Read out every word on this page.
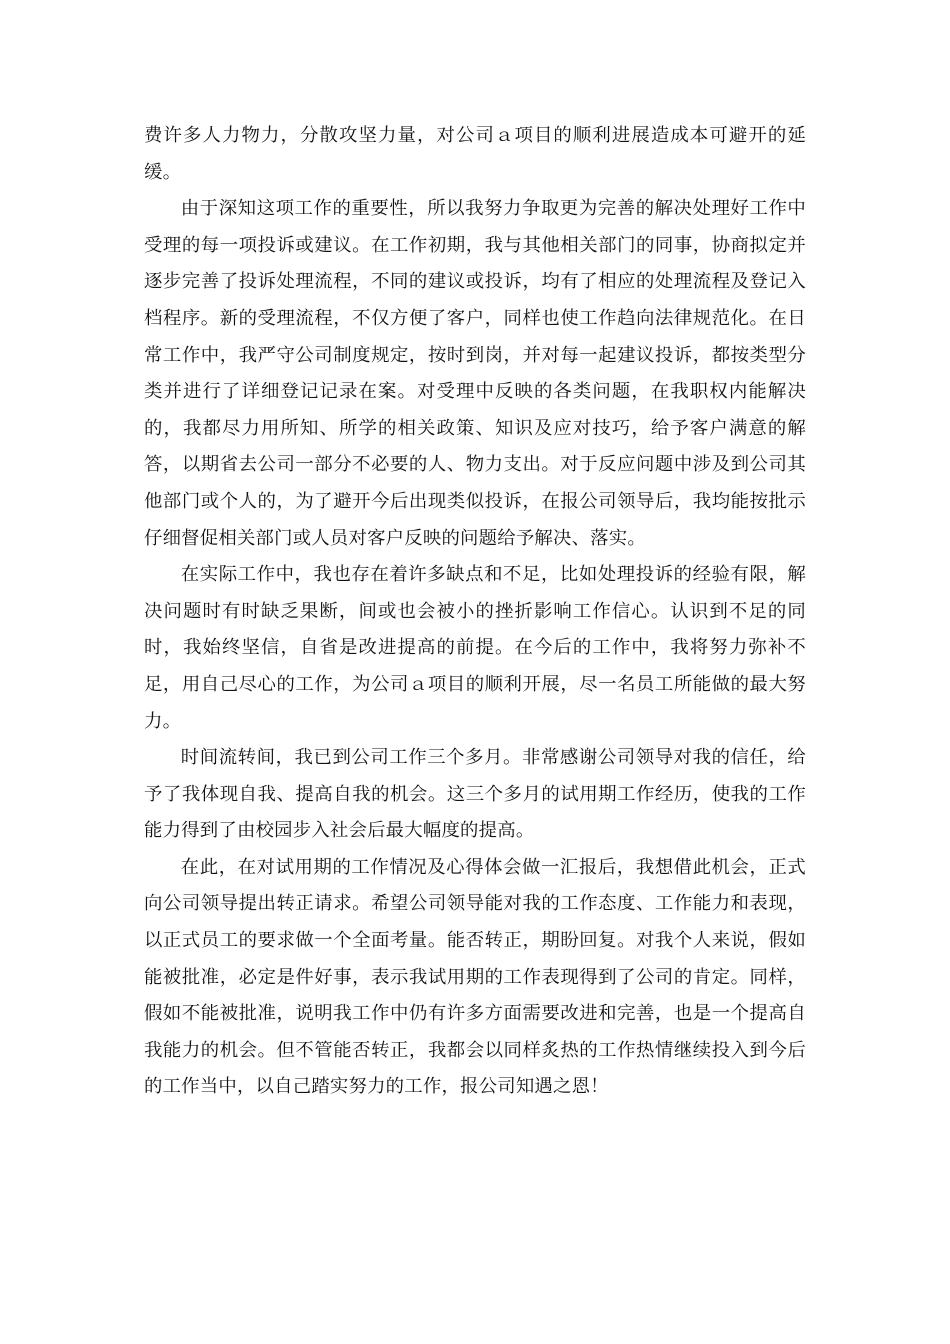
费许多人力物力，分散攻坚力量，对公司ａ项目的顺利进展造成本可避开的延缓。

由于深知这项工作的重要性，所以我努力争取更为完善的解决处理好工作中受理的每一项投诉或建议。在工作初期，我与其他相关部门的同事，协商拟定并逐步完善了投诉处理流程，不同的建议或投诉，均有了相应的处理流程及登记入档程序。新的受理流程，不仅方便了客户，同样也使工作趋向法律规范化。在日常工作中，我严守公司制度规定，按时到岗，并对每一起建议投诉，都按类型分类并进行了详细登记记录在案。对受理中反映的各类问题，在我职权内能解决的，我都尽力用所知、所学的相关政策、知识及应对技巧，给予客户满意的解答，以期省去公司一部分不必要的人、物力支出。对于反应问题中涉及到公司其他部门或个人的，为了避开今后出现类似投诉，在报公司领导后，我均能按批示仔细督促相关部门或人员对客户反映的问题给予解决、落实。

在实际工作中，我也存在着许多缺点和不足，比如处理投诉的经验有限，解决问题时有时缺乏果断，间或也会被小的挫折影响工作信心。认识到不足的同时，我始终坚信，自省是改进提高的前提。在今后的工作中，我将努力弥补不足，用自己尽心的工作，为公司ａ项目的顺利开展，尽一名员工所能做的最大努力。

时间流转间，我已到公司工作三个多月。非常感谢公司领导对我的信任，给予了我体现自我、提高自我的机会。这三个多月的试用期工作经历，使我的工作能力得到了由校园步入社会后最大幅度的提高。

在此，在对试用期的工作情况及心得体会做一汇报后，我想借此机会，正式向公司领导提出转正请求。希望公司领导能对我的工作态度、工作能力和表现，以正式员工的要求做一个全面考量。能否转正，期盼回复。对我个人来说，假如能被批准，必定是件好事，表示我试用期的工作表现得到了公司的肯定。同样，假如不能被批准，说明我工作中仍有许多方面需要改进和完善，也是一个提高自我能力的机会。但不管能否转正，我都会以同样炙热的工作热情继续投入到今后的工作当中，以自己踏实努力的工作，报公司知遇之恩！
